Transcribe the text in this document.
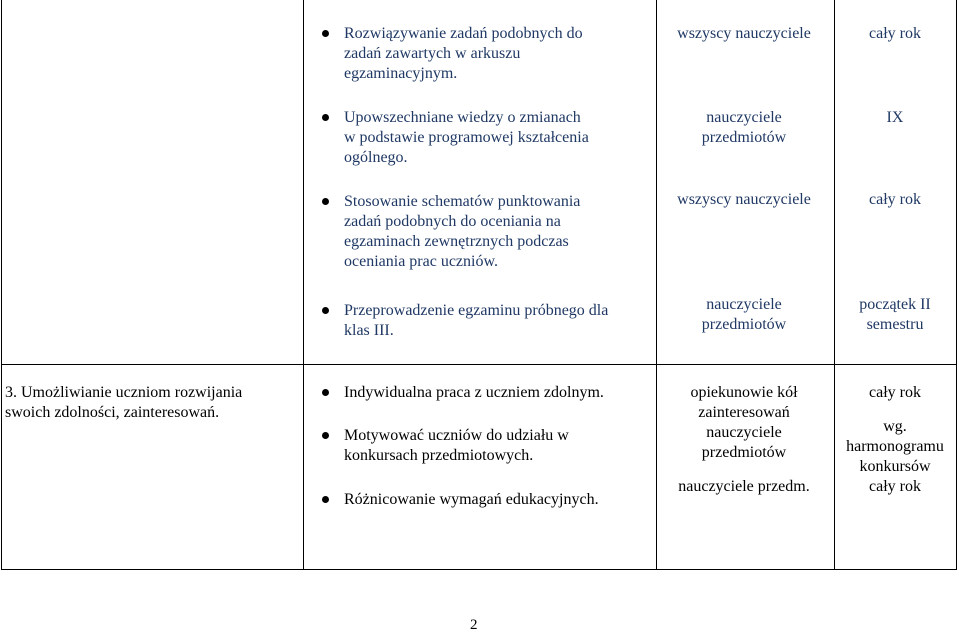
Rozwiązywanie zadań podobnych do
zadań zawartych w arkuszu
egzaminacyjnym.
wszyscy nauczyciele	cały rok
Upowszechniane wiedzy o zmianach
w podstawie programowej kształcenia
ogólnego.
nauczyciele
przedmiotów
IX
Stosowanie schematów punktowania
zadań podobnych do oceniania na
egzaminach zewnętrznych podczas
oceniania prac uczniów.
wszyscy nauczyciele	cały rok
Przeprowadzenie egzaminu próbnego dla
klas III.
nauczyciele
przedmiotów
początek II
semestru
3. Umożliwianie uczniom rozwijania
swoich zdolności, zainteresowań.
Indywidualna praca z uczniem zdolnym.
Motywować uczniów do udziału w
konkursach przedmiotowych.
Różnicowanie wymagań edukacyjnych.
opiekunowie kół
zainteresowań
nauczyciele
przedmiotów
nauczyciele przedm.
cały rok
wg.
harmonogramu
konkursów
cały rok
2
